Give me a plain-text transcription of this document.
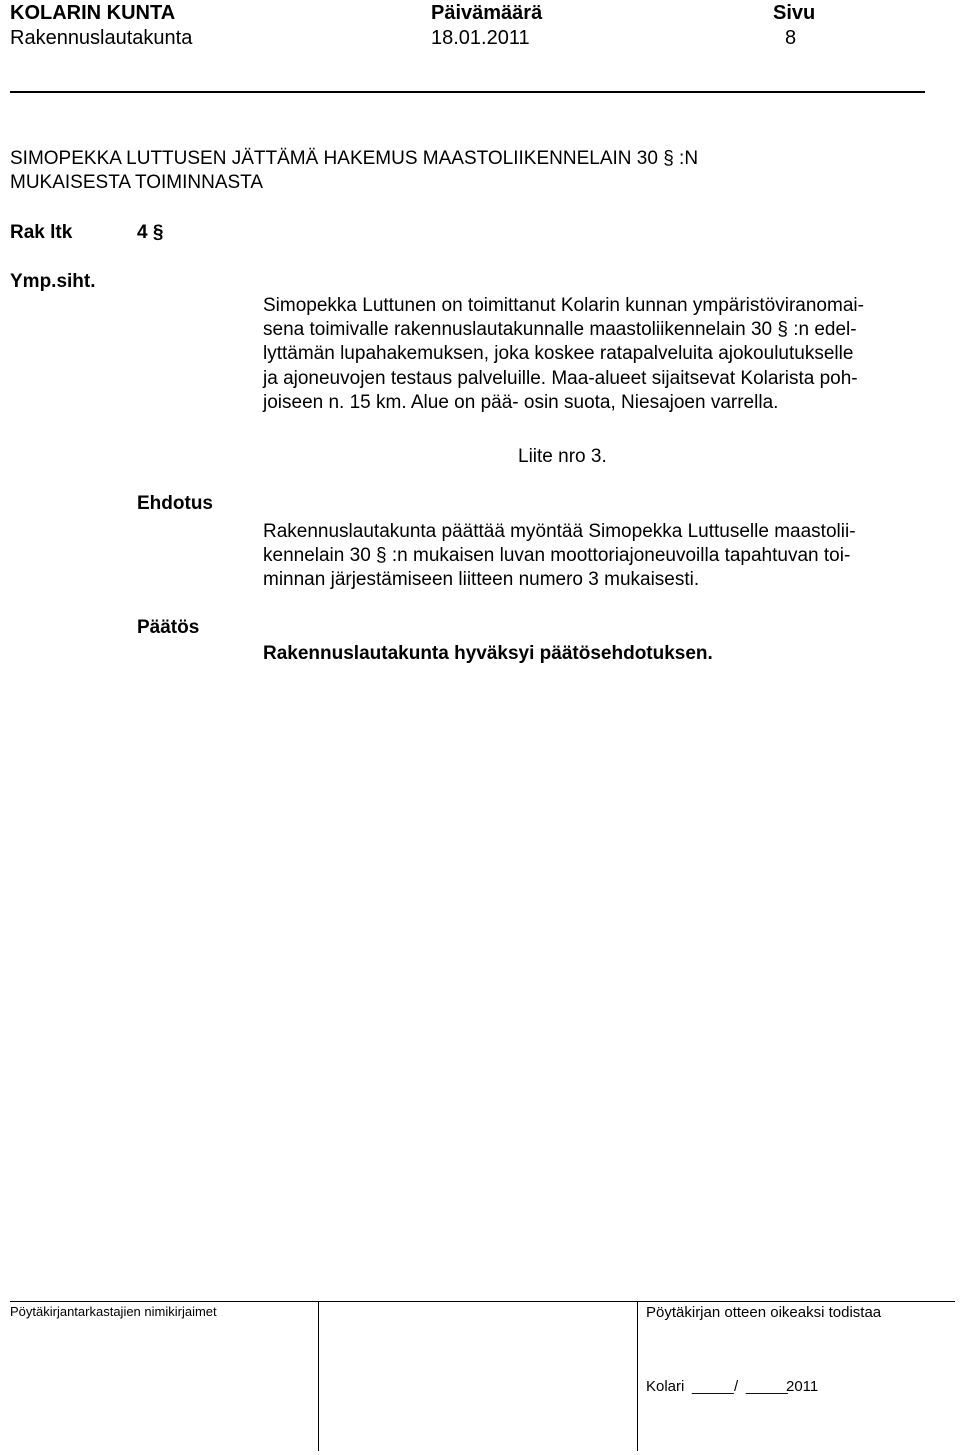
KOLARIN KUNTA
Rakennuslautakunta
Päivämäärä
18.01.2011
Sivu
8
SIMOPEKKA LUTTUSEN JÄTTÄMÄ HAKEMUS MAASTOLIIKENNELAIN 30 § :N
MUKAISESTA TOIMINNASTA
Rak ltk	4 §
Ymp.siht.
Simopekka Luttunen on toimittanut Kolarin kunnan ympäristöviranomai-
sena toimivalle rakennuslautakunnalle maastoliikennelain 30 § :n edel-
lyttämän lupahakemuksen, joka koskee ratapalveluita ajokoulutukselle
ja ajoneuvojen testaus palveluille. Maa-alueet sijaitsevat Kolarista poh-
joiseen n. 15 km. Alue on pää- osin suota, Niesajoen varrella.
Liite nro 3.
Ehdotus
Rakennuslautakunta päättää myöntää Simopekka Luttuselle maastolii-
kennelain 30 § :n mukaisen luvan moottoriajoneuvoilla tapahtuvan toi-
minnan järjestämiseen liitteen numero 3 mukaisesti.
Päätös
Rakennuslautakunta hyväksyi päätösehdotuksen.
Pöytäkirjantarkastajien nimikirjaimet	Pöytäkirjan otteen oikeaksi todistaa
Kolari _____ / _____
2011
